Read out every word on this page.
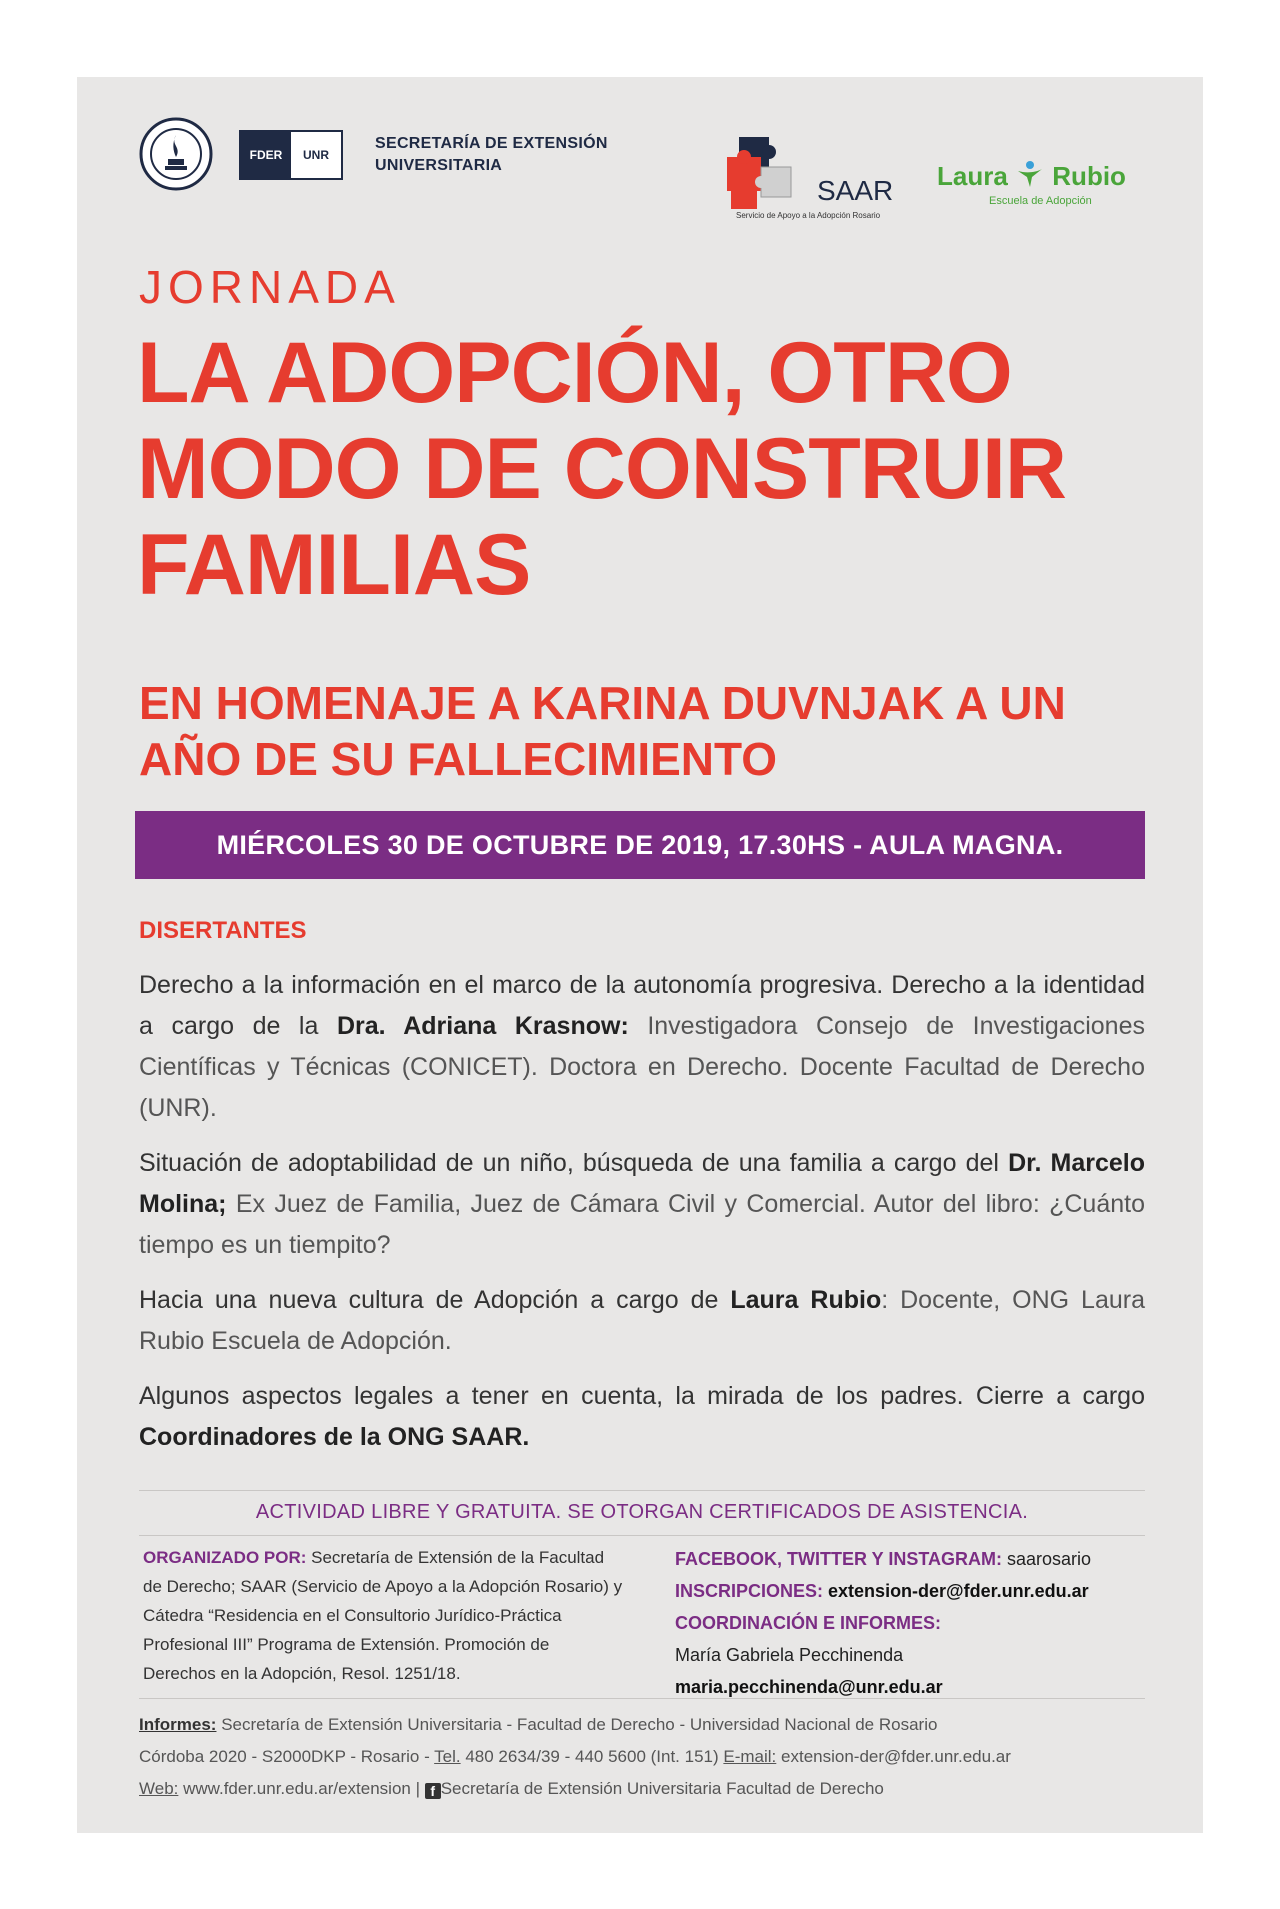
FDER	UNR
SECRETARÍA DE EXTENSIÓN UNIVERSITARIA
SAAR
Servicio de Apoyo a la Adopción Rosario
Laura Rubio
Escuela de Adopción
JORNADA
LA ADOPCIÓN, OTRO MODO DE CONSTRUIR FAMILIAS
EN HOMENAJE A KARINA DUVNJAK A UN AÑO DE SU FALLECIMIENTO
MIÉRCOLES 30 DE OCTUBRE DE 2019, 17.30HS - AULA MAGNA.
DISERTANTES

Derecho a la información en el marco de la autonomía progresiva. Derecho a la identidad a cargo de la Dra. Adriana Krasnow: Investigadora Consejo de Investigaciones Científicas y Técnicas (CONICET). Doctora en Derecho. Docente Facultad de Derecho (UNR).

Situación de adoptabilidad de un niño, búsqueda de una familia a cargo del Dr. Marcelo Molina; Ex Juez de Familia, Juez de Cámara Civil y Comercial. Autor del libro: ¿Cuánto tiempo es un tiempito?

Hacia una nueva cultura de Adopción a cargo de Laura Rubio: Docente, ONG Laura Rubio Escuela de Adopción.

Algunos aspectos legales a tener en cuenta, la mirada de los padres. Cierre a cargo Coordinadores de la ONG SAAR.

ACTIVIDAD LIBRE Y GRATUITA. SE OTORGAN CERTIFICADOS DE ASISTENCIA.
ORGANIZADO POR: Secretaría de Extensión de la Facultad de Derecho; SAAR (Servicio de Apoyo a la Adopción Rosario) y Cátedra “Residencia en el Consultorio Jurídico-Práctica Profesional III” Programa de Extensión. Promoción de Derechos en la Adopción, Resol. 1251/18.
FACEBOOK, TWITTER Y INSTAGRAM: saarosario
INSCRIPCIONES: extension-der@fder.unr.edu.ar
COORDINACIÓN E INFORMES:
María Gabriela Pecchinenda
maria.pecchinenda@unr.edu.ar
Informes: Secretaría de Extensión Universitaria - Facultad de Derecho - Universidad Nacional de Rosario
Córdoba 2020 - S2000DKP - Rosario - Tel. 480 2634/39 - 440 5600 (Int. 151) E-mail: extension-der@fder.unr.edu.ar
Web: www.fder.unr.edu.ar/extension | f Secretaría de Extensión Universitaria Facultad de Derecho
